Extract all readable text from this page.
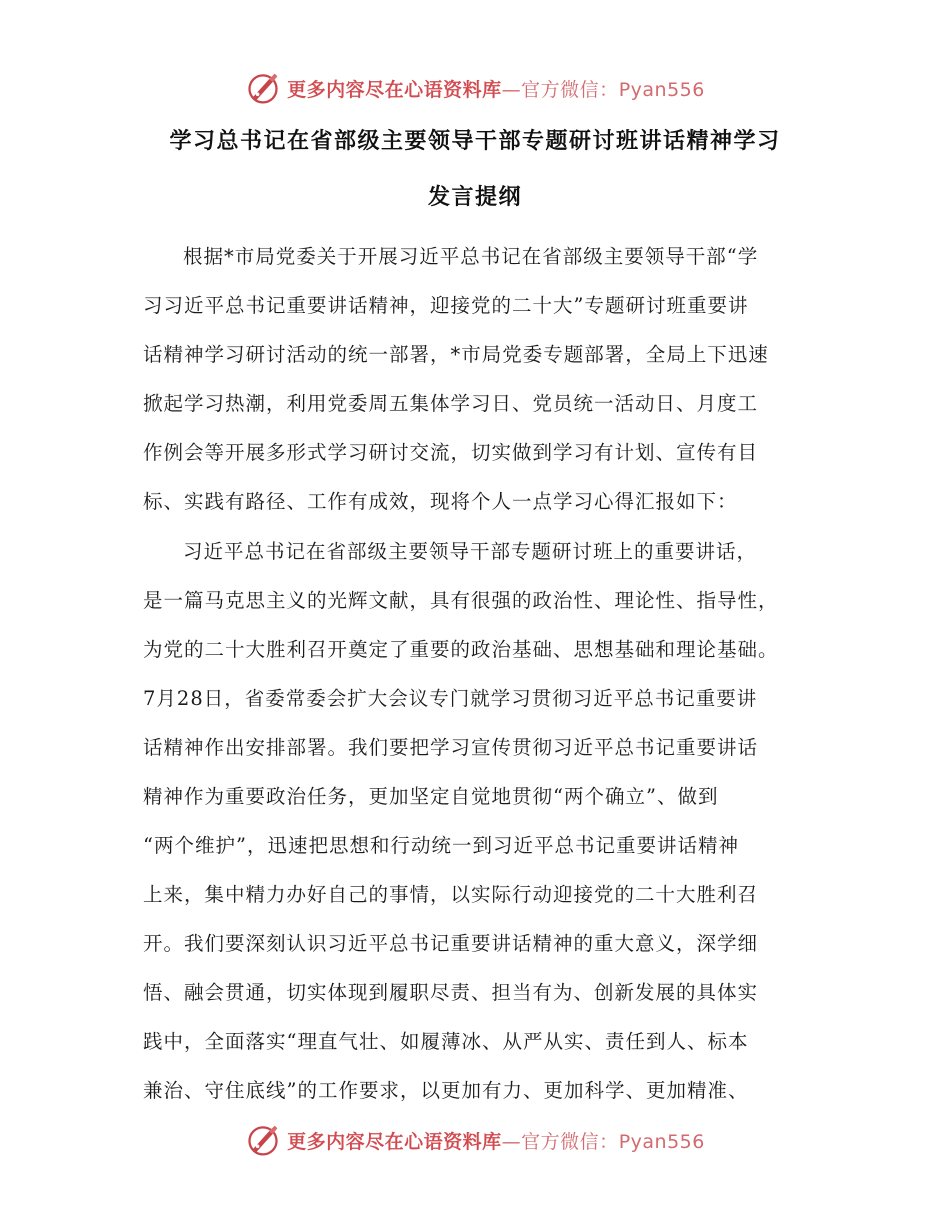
更多内容尽在心语资料库—官方微信：Pyan556
学习总书记在省部级主要领导干部专题研讨班讲话精神学习
发言提纲
根据*市局党委关于开展习近平总书记在省部级主要领导干部“学
习习近平总书记重要讲话精神，迎接党的二十大”专题研讨班重要讲
话精神学习研讨活动的统一部署，*市局党委专题部署，全局上下迅速
掀起学习热潮，利用党委周五集体学习日、党员统一活动日、月度工
作例会等开展多形式学习研讨交流，切实做到学习有计划、宣传有目
标、实践有路径、工作有成效，现将个人一点学习心得汇报如下：
习近平总书记在省部级主要领导干部专题研讨班上的重要讲话，
是一篇马克思主义的光辉文献，具有很强的政治性、理论性、指导性，
为党的二十大胜利召开奠定了重要的政治基础、思想基础和理论基础。
7月28日，省委常委会扩大会议专门就学习贯彻习近平总书记重要讲
话精神作出安排部署。我们要把学习宣传贯彻习近平总书记重要讲话
精神作为重要政治任务，更加坚定自觉地贯彻“两个确立”、做到
“两个维护”，迅速把思想和行动统一到习近平总书记重要讲话精神
上来，集中精力办好自己的事情，以实际行动迎接党的二十大胜利召
开。我们要深刻认识习近平总书记重要讲话精神的重大意义，深学细
悟、融会贯通，切实体现到履职尽责、担当有为、创新发展的具体实
践中，全面落实“理直气壮、如履薄冰、从严从实、责任到人、标本
兼治、守住底线”的工作要求，以更加有力、更加科学、更加精准、
更多内容尽在心语资料库—官方微信：Pyan556
